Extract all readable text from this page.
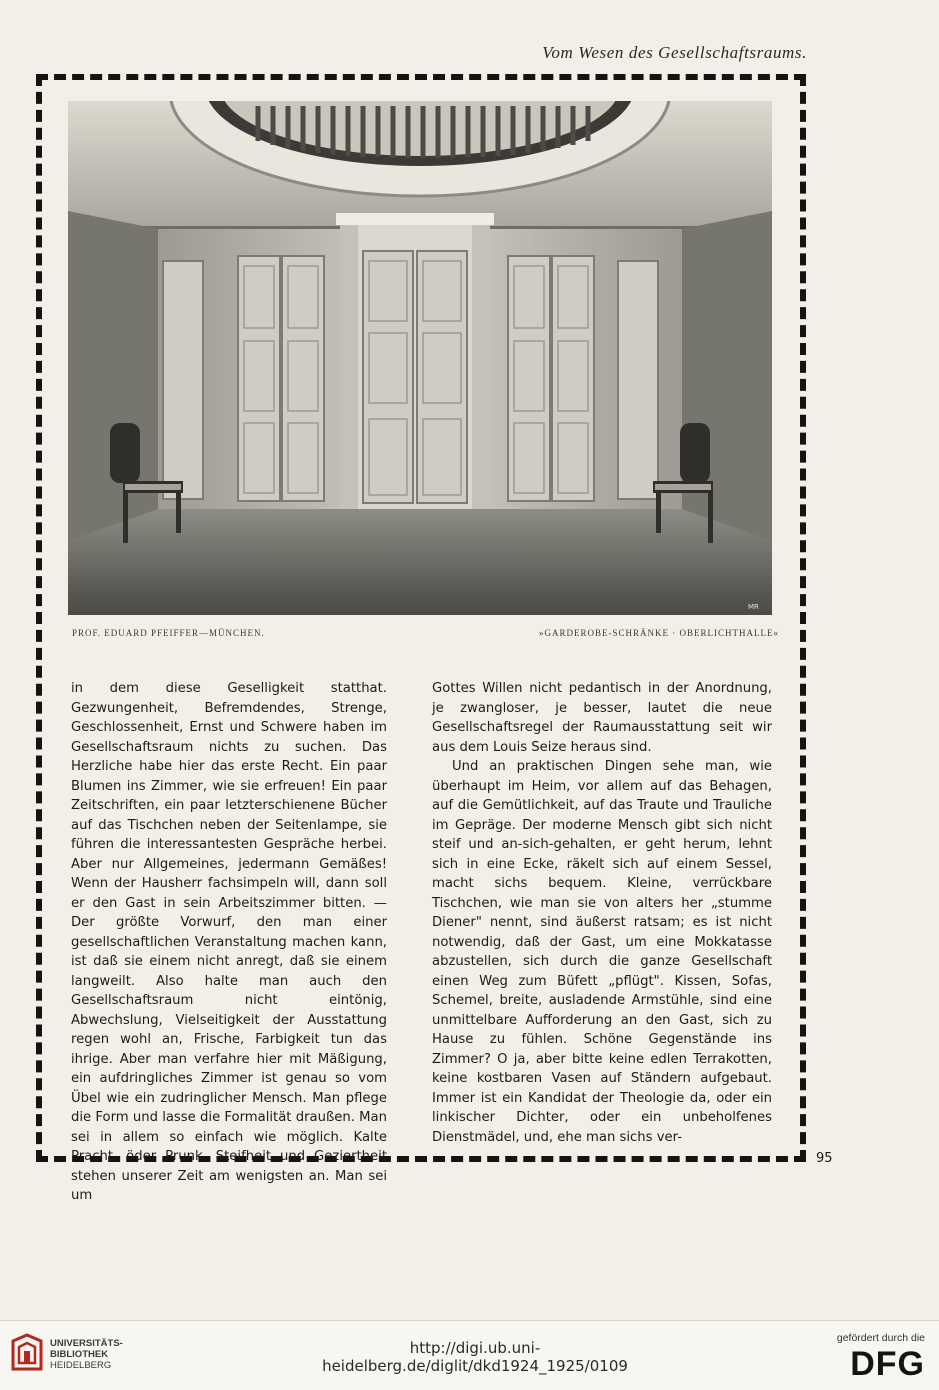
Vom Wesen des Gesellschaftsraums.
MR
PROF. EDUARD PFEIFFER—MÜNCHEN.	»GARDEROBE-SCHRÄNKE · OBERLICHTHALLE«

in dem diese Geselligkeit statthat. Gezwungenheit, Befremdendes, Strenge, Geschlossenheit, Ernst und Schwere haben im Gesellschaftsraum nichts zu suchen. Das Herzliche habe hier das erste Recht. Ein paar Blumen ins Zimmer, wie sie erfreuen! Ein paar Zeitschriften, ein paar letzterschienene Bücher auf das Tischchen neben der Seitenlampe, sie führen die interessantesten Gespräche herbei. Aber nur Allgemeines, jedermann Gemäßes! Wenn der Hausherr fachsimpeln will, dann soll er den Gast in sein Arbeitszimmer bitten. — Der größte Vorwurf, den man einer gesellschaftlichen Veranstaltung machen kann, ist daß sie einem nicht anregt, daß sie einem langweilt. Also halte man auch den Gesellschaftsraum nicht eintönig, Abwechslung, Vielseitigkeit der Ausstattung regen wohl an, Frische, Farbigkeit tun das ihrige. Aber man verfahre hier mit Mäßigung, ein aufdringliches Zimmer ist genau so vom Übel wie ein zudringlicher Mensch. Man pflege die Form und lasse die Formalität draußen. Man sei in allem so einfach wie möglich. Kalte Pracht, öder Prunk, Steifheit und Geziertheit stehen unserer Zeit am wenigsten an. Man sei um

Gottes Willen nicht pedantisch in der Anordnung, je zwangloser, je besser, lautet die neue Gesellschaftsregel der Raumausstattung seit wir aus dem Louis Seize heraus sind.

Und an praktischen Dingen sehe man, wie überhaupt im Heim, vor allem auf das Behagen, auf die Gemütlichkeit, auf das Traute und Trauliche im Gepräge. Der moderne Mensch gibt sich nicht steif und an-sich-gehalten, er geht herum, lehnt sich in eine Ecke, räkelt sich auf einem Sessel, macht sichs bequem. Kleine, verrückbare Tischchen, wie man sie von alters her „stumme Diener" nennt, sind äußerst ratsam; es ist nicht notwendig, daß der Gast, um eine Mokkatasse abzustellen, sich durch die ganze Gesellschaft einen Weg zum Büfett „pflügt". Kissen, Sofas, Schemel, breite, ausladende Armstühle, sind eine unmittelbare Aufforderung an den Gast, sich zu Hause zu fühlen. Schöne Gegenstände ins Zimmer? O ja, aber bitte keine edlen Terrakotten, keine kostbaren Vasen auf Ständern aufgebaut. Immer ist ein Kandidat der Theologie da, oder ein linkischer Dichter, oder ein unbeholfenes Dienstmädel, und, ehe man sichs ver-

95
UNIVERSITÄTS-
BIBLIOTHEK
HEIDELBERG
http://digi.ub.uni-heidelberg.de/diglit/dkd1924_1925/0109
gefördert durch die
DFG
